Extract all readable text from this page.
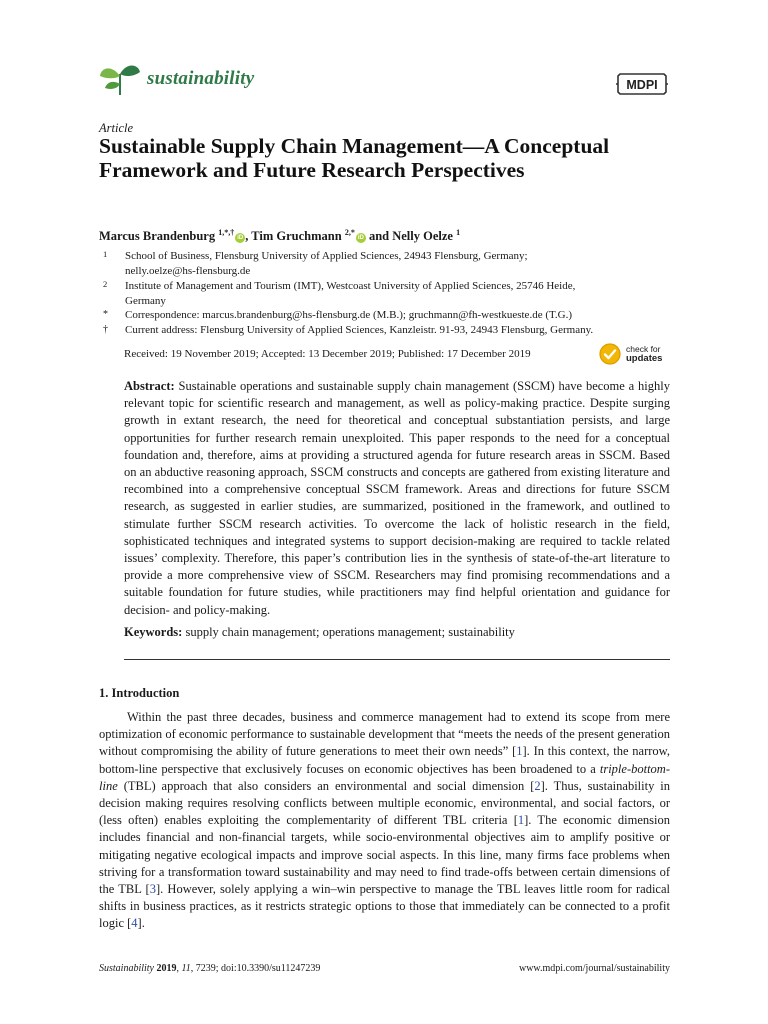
sustainability	MDPI
Article
Sustainable Supply Chain Management—A Conceptual Framework and Future Research Perspectives
Marcus Brandenburg $^{1,*,\dagger}$iD , Tim Gruchmann $^{2,*}$iD and Nelly Oelze $^1$
1 School of Business, Flensburg University of Applied Sciences, 24943 Flensburg, Germany; nelly.oelze@hs-flensburg.de
2 Institute of Management and Tourism (IMT), Westcoast University of Applied Sciences, 25746 Heide, Germany
* Correspondence: marcus.brandenburg@hs-flensburg.de (M.B.); gruchmann@fh-westkueste.de (T.G.)
† Current address: Flensburg University of Applied Sciences, Kanzleistr. 91-93, 24943 Flensburg, Germany.
Received: 19 November 2019; Accepted: 13 December 2019; Published: 17 December 2019	check for
updates

Abstract: Sustainable operations and sustainable supply chain management (SSCM) have become a highly relevant topic for scientific research and management, as well as policy-making practice. Despite surging growth in extant research, the need for theoretical and conceptual substantiation persists, and large opportunities for further research remain unexploited. This paper responds to the need for a conceptual foundation and, therefore, aims at providing a structured agenda for future research areas in SSCM. Based on an abductive reasoning approach, SSCM constructs and concepts are gathered from existing literature and recombined into a comprehensive conceptual SSCM framework. Areas and directions for future SSCM research, as suggested in earlier studies, are summarized, positioned in the framework, and outlined to stimulate further SSCM research activities. To overcome the lack of holistic research in the field, sophisticated techniques and integrated systems to support decision-making are required to tackle related issues’ complexity. Therefore, this paper’s contribution lies in the synthesis of state-of-the-art literature to provide a more comprehensive view of SSCM. Researchers may find promising recommendations and a suitable foundation for future studies, while practitioners may find helpful orientation and guidance for decision- and policy-making.

Keywords: supply chain management; operations management; sustainability

1. Introduction

Within the past three decades, business and commerce management had to extend its scope from mere optimization of economic performance to sustainable development that “meets the needs of the present generation without compromising the ability of future generations to meet their own needs” [1]. In this context, the narrow, bottom-line perspective that exclusively focuses on economic objectives has been broadened to a triple-bottom-line (TBL) approach that also considers an environmental and social dimension [2]. Thus, sustainability in decision making requires resolving conflicts between multiple economic, environmental, and social factors, or (less often) enables exploiting the complementarity of different TBL criteria [1]. The economic dimension includes financial and non-financial targets, while socio-environmental objectives aim to amplify positive or mitigating negative ecological impacts and improve social aspects. In this line, many firms face problems when striving for a transformation toward sustainability and may need to find trade-offs between certain dimensions of the TBL [3]. However, solely applying a win–win perspective to manage the TBL leaves little room for radical shifts in business practices, as it restricts strategic options to those that immediately can be connected to a profit logic [4].

Sustainability 2019, 11, 7239; doi:10.3390/su11247239	www.mdpi.com/journal/sustainability
